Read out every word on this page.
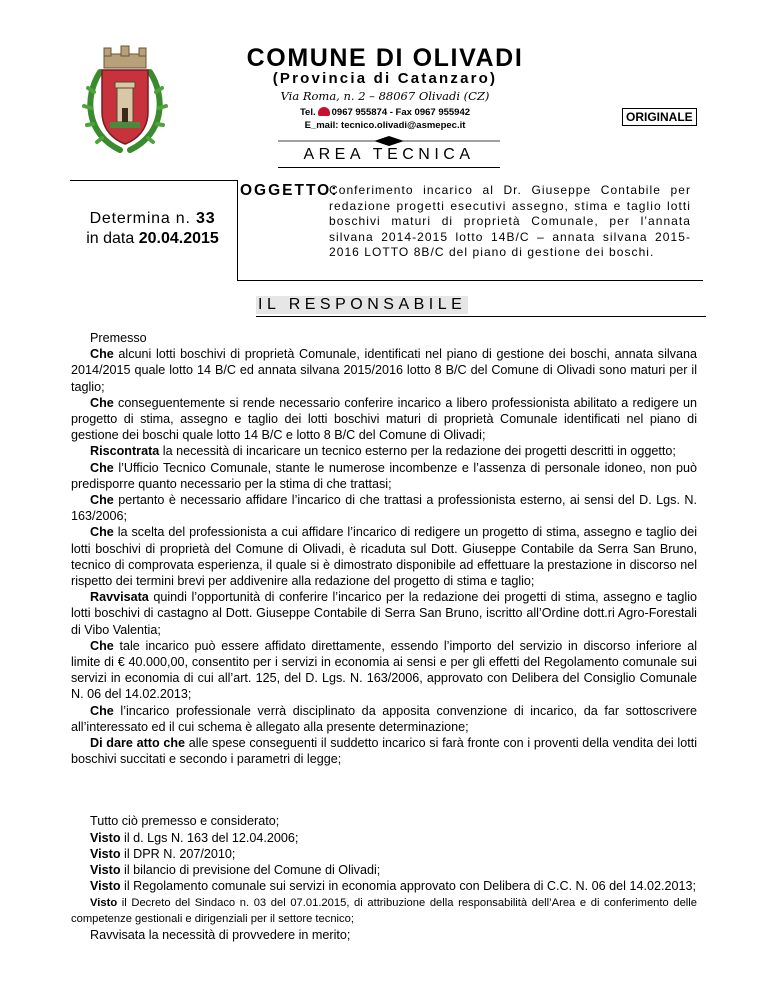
COMUNE DI OLIVADI
(Provincia di Catanzaro)
Via Roma, n. 2 – 88067 Olivadi (CZ)
Tel. 0967 955874 - Fax 0967 955942
E_mail: tecnico.olivadi@asmepec.it
ORIGINALE
AREA TECNICA
Determina n. 33
in data 20.04.2015
OGGETTO:
Conferimento incarico al Dr. Giuseppe Contabile per redazione progetti esecutivi assegno, stima e taglio lotti boschivi maturi di proprietà Comunale, per l’annata silvana 2014-2015 lotto 14B/C – annata silvana 2015-2016 LOTTO 8B/C del piano di gestione dei boschi.
IL RESPONSABILE

Premesso

Che alcuni lotti boschivi di proprietà Comunale, identificati nel piano di gestione dei boschi, annata silvana 2014/2015 quale lotto 14 B/C ed annata silvana 2015/2016 lotto 8 B/C del Comune di Olivadi sono maturi per il taglio;

Che conseguentemente si rende necessario conferire incarico a libero professionista abilitato a redigere un progetto di stima, assegno e taglio dei lotti boschivi maturi di proprietà Comunale identificati nel piano di gestione dei boschi quale lotto 14 B/C e lotto 8 B/C del Comune di Olivadi;

Riscontrata la necessità di incaricare un tecnico esterno per la redazione dei progetti descritti in oggetto;

Che l’Ufficio Tecnico Comunale, stante le numerose incombenze e l’assenza di personale idoneo, non può predisporre quanto necessario per la stima di che trattasi;

Che pertanto è necessario affidare l’incarico di che trattasi a professionista esterno, ai sensi del D. Lgs. N. 163/2006;

Che la scelta del professionista a cui affidare l’incarico di redigere un progetto di stima, assegno e taglio dei lotti boschivi di proprietà del Comune di Olivadi, è ricaduta sul Dott. Giuseppe Contabile da Serra San Bruno, tecnico di comprovata esperienza, il quale si è dimostrato disponibile ad effettuare la prestazione in discorso nel rispetto dei termini brevi per addivenire alla redazione del progetto di stima e taglio;

Ravvisata quindi l’opportunità di conferire l’incarico per la redazione dei progetti di stima, assegno e taglio lotti boschivi di castagno al Dott. Giuseppe Contabile di Serra San Bruno, iscritto all’Ordine dott.ri Agro-Forestali di Vibo Valentia;

Che tale incarico può essere affidato direttamente, essendo l’importo del servizio in discorso inferiore al limite di € 40.000,00, consentito per i servizi in economia ai sensi e per gli effetti del Regolamento comunale sui servizi in economia di cui all’art. 125, del D. Lgs. N. 163/2006, approvato con Delibera del Consiglio Comunale N. 06 del 14.02.2013;

Che l’incarico professionale verrà disciplinato da apposita convenzione di incarico, da far sottoscrivere all’interessato ed il cui schema è allegato alla presente determinazione;

Di dare atto che alle spese conseguenti il suddetto incarico si farà fronte con i proventi della vendita dei lotti boschivi succitati e secondo i parametri di legge;

Tutto ciò premesso e considerato;

Visto il d. Lgs N. 163 del 12.04.2006;

Visto il DPR N. 207/2010;

Visto il bilancio di previsione del Comune di Olivadi;

Visto il Regolamento comunale sui servizi in economia approvato con Delibera di C.C. N. 06 del 14.02.2013;

Visto il Decreto del Sindaco n. 03 del 07.01.2015, di attribuzione della responsabilità dell’Area e di conferimento delle competenze gestionali e dirigenziali per il settore tecnico;

Ravvisata la necessità di provvedere in merito;
